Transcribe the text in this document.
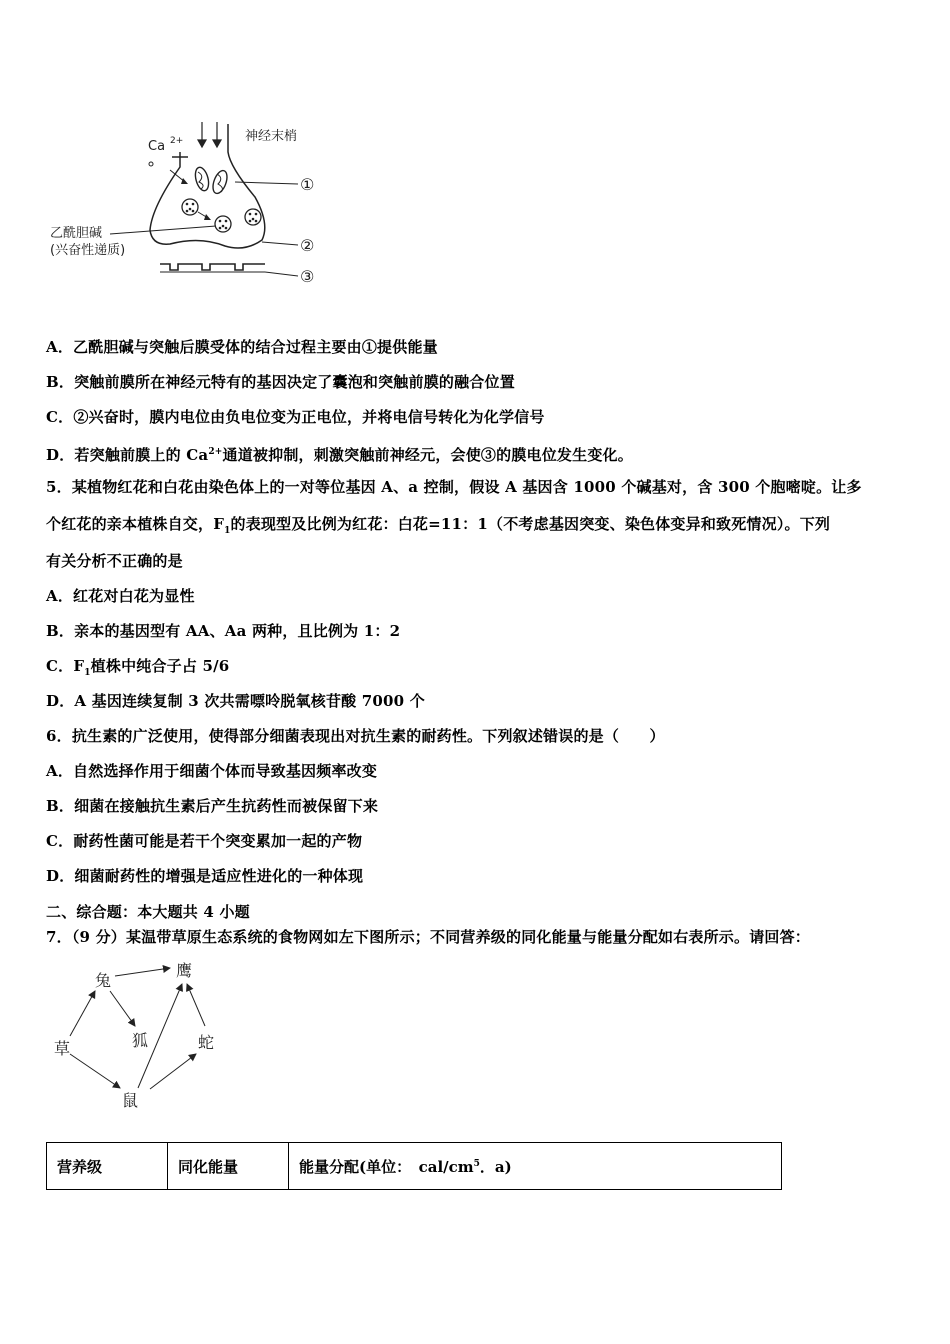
Ca 2+	神经末梢
①
②
③
乙酰胆碱
(兴奋性递质)
A．乙酰胆碱与突触后膜受体的结合过程主要由①提供能量
B．突触前膜所在神经元特有的基因决定了囊泡和突触前膜的融合位置
C．②兴奋时，膜内电位由负电位变为正电位，并将电信号转化为化学信号
D．若突触前膜上的 $Ca^{2+}$通道被抑制，刺激突触前神经元，会使③的膜电位发生变化。
5．某植物红花和白花由染色体上的一对等位基因 A、a 控制，假设 A 基因含 1000 个碱基对，含 300 个胞嘧啶。让多
个红花的亲本植株自交，$F_1$的表现型及比例为红花：白花=11：1（不考虑基因突变、染色体变异和致死情况）。下列
有关分析不正确的是
A．红花对白花为显性
B．亲本的基因型有 AA、Aa 两种，且比例为 1：2
C．$F_1$植株中纯合子占 5/6
D．A 基因连续复制 3 次共需嘌呤脱氧核苷酸 7000 个
6．抗生素的广泛使用，使得部分细菌表现出对抗生素的耐药性。下列叙述错误的是（　　）
A．自然选择作用于细菌个体而导致基因频率改变
B．细菌在接触抗生素后产生抗药性而被保留下来
C．耐药性菌可能是若干个突变累加一起的产物
D．细菌耐药性的增强是适应性进化的一种体现
二、综合题：本大题共 4 小题
7．（9 分）某温带草原生态系统的食物网如左下图所示；不同营养级的同化能量与能量分配如右表所示。请回答：
草
兔
鹰
狐	蛇
鼠
营养级	同化能量	能量分配(单位：　cal/$cm^5$．a)
